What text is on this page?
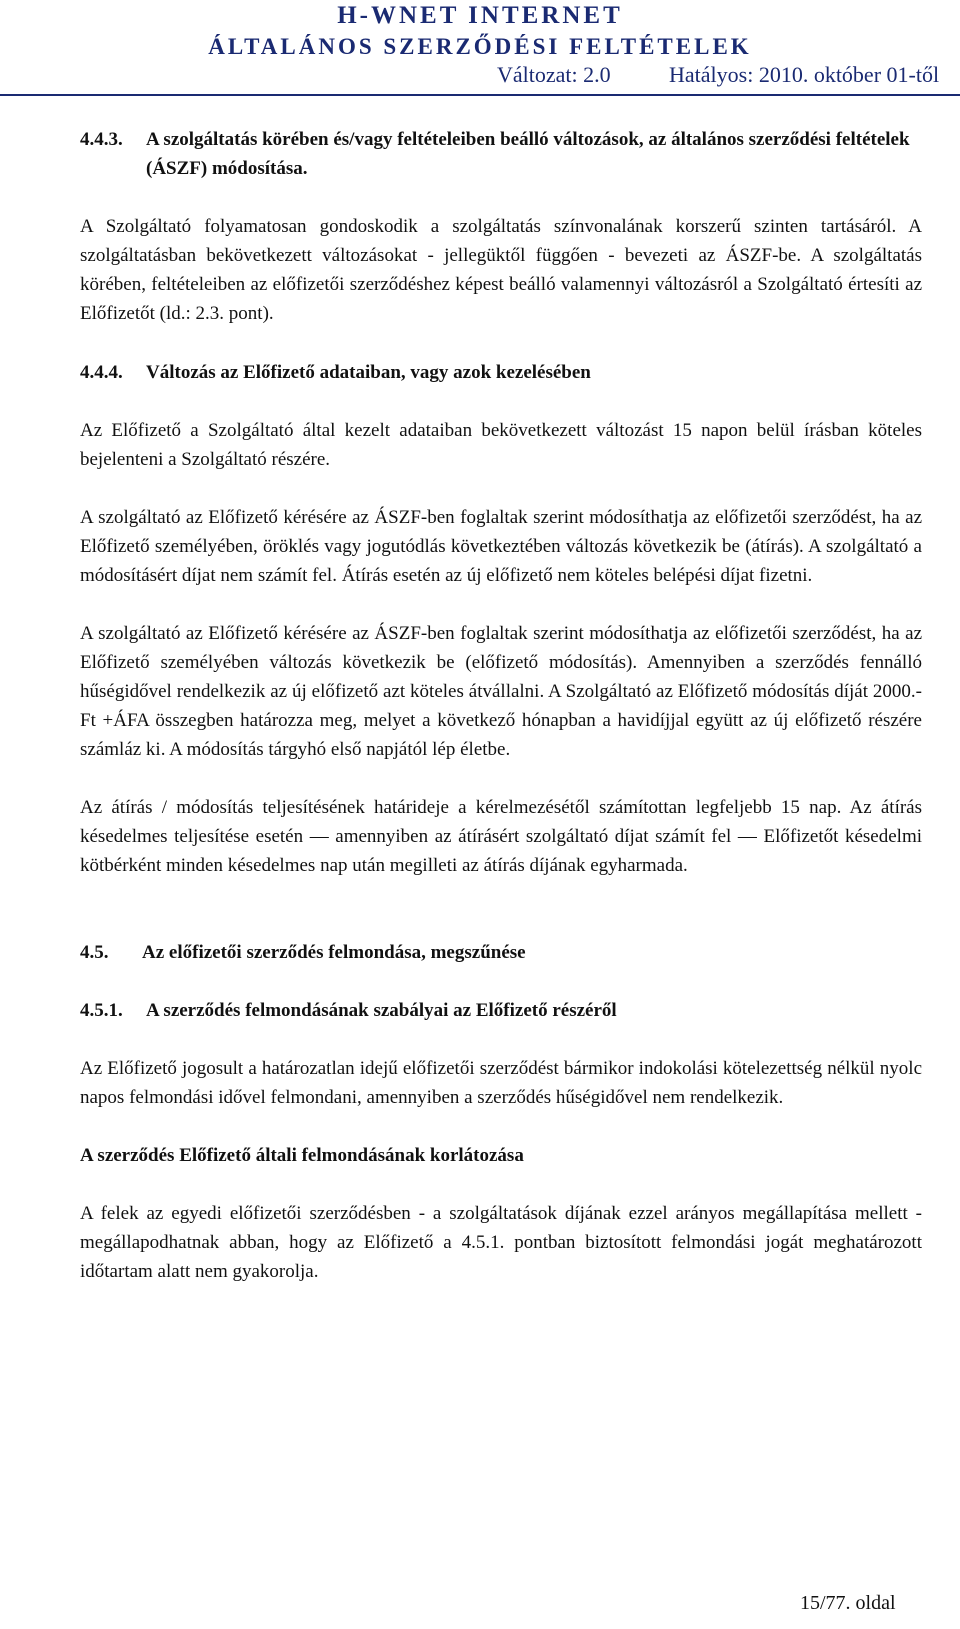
H-WNET INTERNET
ÁLTALÁNOS SZERZŐDÉSI FELTÉTELEK
Változat: 2.0	Hatályos: 2010. október 01-től
4.4.3.	A szolgáltatás körében és/vagy feltételeiben beálló változások, az általános szerződési feltételek (ÁSZF) módosítása.

A Szolgáltató folyamatosan gondoskodik a szolgáltatás színvonalának korszerű szinten tartásáról. A szolgáltatásban bekövetkezett változásokat - jellegüktől függően - bevezeti az ÁSZF-be. A szolgáltatás körében, feltételeiben az előfizetői szerződéshez képest beálló valamennyi változásról a Szolgáltató értesíti az Előfizetőt (ld.: 2.3. pont).

4.4.4.	Változás az Előfizető adataiban, vagy azok kezelésében

Az Előfizető a Szolgáltató által kezelt adataiban bekövetkezett változást 15 napon belül írásban köteles bejelenteni a Szolgáltató részére.

A szolgáltató az Előfizető kérésére az ÁSZF-ben foglaltak szerint módosíthatja az előfizetői szerződést, ha az Előfizető személyében, öröklés vagy jogutódlás következtében változás következik be (átírás). A szolgáltató a módosításért díjat nem számít fel. Átírás esetén az új előfizető nem köteles belépési díjat fizetni.

A szolgáltató az Előfizető kérésére az ÁSZF-ben foglaltak szerint módosíthatja az előfizetői szerződést, ha az Előfizető személyében változás következik be (előfizető módosítás). Amennyiben a szerződés fennálló hűségidővel rendelkezik az új előfizető azt köteles átvállalni. A Szolgáltató az Előfizető módosítás díját 2000.- Ft +ÁFA összegben határozza meg, melyet a következő hónapban a havidíjjal együtt az új előfizető részére számláz ki. A módosítás tárgyhó első napjától lép életbe.

Az átírás / módosítás teljesítésének határideje a kérelmezésétől számítottan legfeljebb 15 nap. Az átírás késedelmes teljesítése esetén — amennyiben az átírásért szolgáltató díjat számít fel — Előfizetőt késedelmi kötbérként minden késedelmes nap után megilleti az átírás díjának egyharmada.

4.5.	Az előfizetői szerződés felmondása, megszűnése
4.5.1.	A szerződés felmondásának szabályai az Előfizető részéről

Az Előfizető jogosult a határozatlan idejű előfizetői szerződést bármikor indokolási kötelezettség nélkül nyolc napos felmondási idővel felmondani, amennyiben a szerződés hűségidővel nem rendelkezik.

A szerződés Előfizető általi felmondásának korlátozása

A felek az egyedi előfizetői szerződésben - a szolgáltatások díjának ezzel arányos megállapítása mellett - megállapodhatnak abban, hogy az Előfizető a 4.5.1. pontban biztosított felmondási jogát meghatározott időtartam alatt nem gyakorolja.

15/77. oldal
